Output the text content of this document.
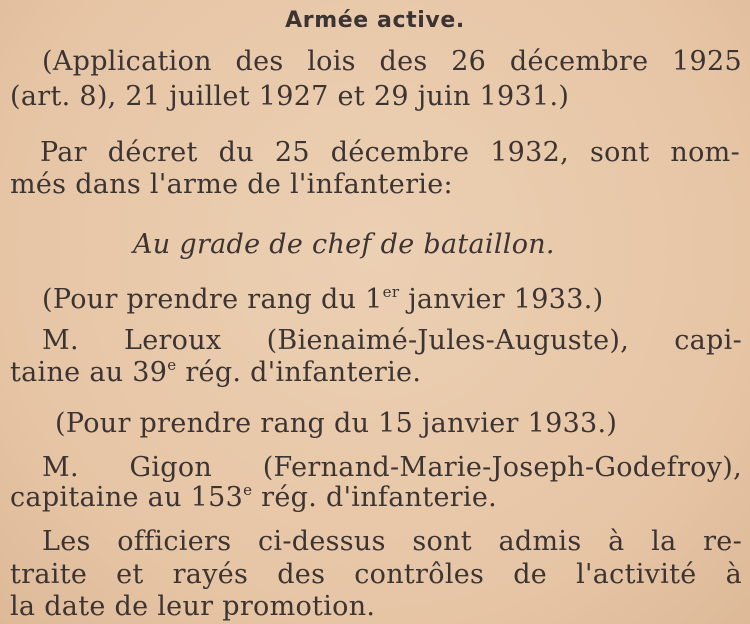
Armée active.
(Application des lois des 26 décembre 1925
(art. 8), 21 juillet 1927 et 29 juin 1931.)
Par décret du 25 décembre 1932, sont nom-
més dans l'arme de l'infanterie:
Au grade de chef de bataillon.
(Pour prendre rang du 1er janvier 1933.)
M. Leroux (Bienaimé-Jules-Auguste), capi-
taine au 39e rég. d'infanterie.
(Pour prendre rang du 15 janvier 1933.)
M. Gigon (Fernand-Marie-Joseph-Godefroy),
capitaine au 153e rég. d'infanterie.
Les officiers ci-dessus sont admis à la re-
traite et rayés des contrôles de l'activité à
la date de leur promotion.
